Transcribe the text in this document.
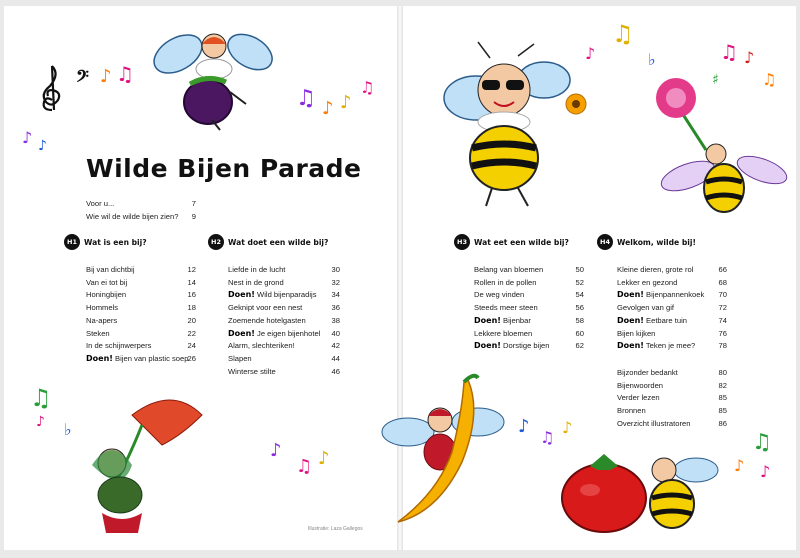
𝄢 ♪ ♫
♪ ♪
♫ ♪ ♪
♫
♫
♪	♭	♫ ♪
♯	♫
♫
♪ ♭
♪
♫ ♪
♪
♫
♪
♫
♪ ♪
Wilde Bijen Parade
Voor u...	7
Wie wil de wilde bijen zien? 9
H1 Wat is een bij?	H2 Wat doet een wilde bij?	H3 Wat eet een wilde bij?	H4 Welkom, wilde bij!
Bij van dichtbij	12
Van ei tot bij	14
Honingbijen	16
Hommels	18
Na-apers	20
Steken	22
In de schijnwerpers	24
Doen! Bijen van plastic soep 26
Liefde in de lucht	30
Nest in de grond	32
Doen! Wild bijenparadijs 34
Geknipt voor een nest	36
Zoemende hotelgasten	38
Doen! Je eigen bijenhotel 40
Alarm, slechteriken!	42
Slapen	44
Winterse stilte	46
Belang van bloemen	50
Rollen in de pollen	52
De weg vinden	54
Steeds meer steen	56
Doen! Bijenbar	58
Lekkere bloemen	60
Doen! Dorstige bijen	62
Kleine dieren, grote rol	66
Lekker en gezond	68
Doen! Bijenpannenkoek 70
Gevolgen van gif	72
Doen! Eetbare tuin	74
Bijen kijken	76
Doen! Teken je mee?	78
Bijzonder bedankt	80
Bijenwoorden	82
Verder lezen	85
Bronnen	85
Overzicht illustratoren	86
Illustratie: Laza Gallegos
